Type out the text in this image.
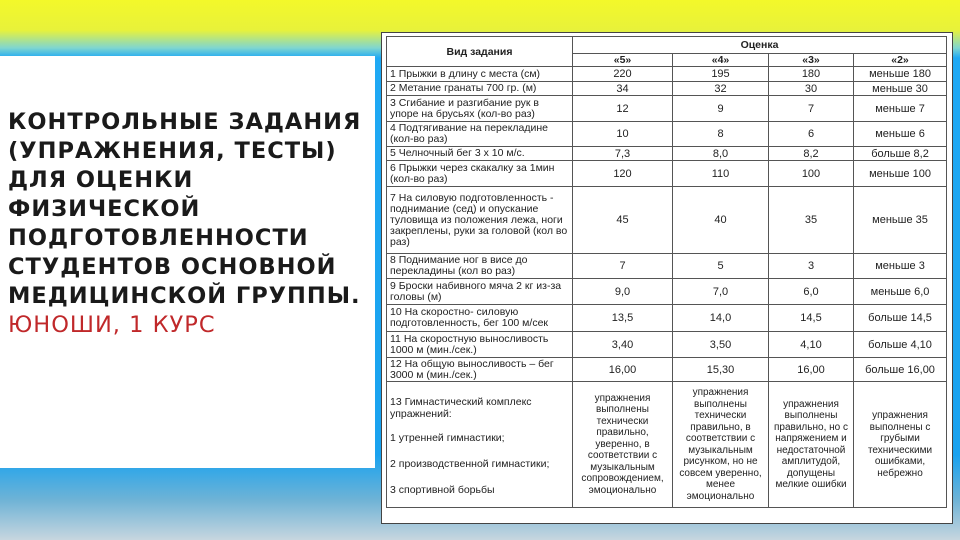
КОНТРОЛЬНЫЕ ЗАДАНИЯ (УПРАЖНЕНИЯ, ТЕСТЫ) ДЛЯ ОЦЕНКИ ФИЗИЧЕСКОЙ ПОДГОТОВЛЕННОСТИ СТУДЕНТОВ ОСНОВНОЙ МЕДИЦИНСКОЙ ГРУППЫ.
ЮНОШИ, 1 КУРС
Вид задания	Оценка			
	«5»	«4»	«3»	«2»
1 Прыжки в длину с места (см)	220	195	180	меньше 180
2 Метание гранаты 700 гр. (м)	34	32	30	меньше 30
3 Сгибание и разгибание рук в упоре на брусьях (кол-во раз)	12	9	7	меньше 7
4 Подтягивание на перекладине (кол-во раз)	10	8	6	меньше 6
5 Челночный бег 3 х 10 м/с.	7,3	8,0	8,2	больше 8,2
6 Прыжки через скакалку за 1мин (кол-во раз)	120	110	100	меньше 100
7 На силовую подготовленность - поднимание (сед) и опускание туловища из положения лежа, ноги закреплены, руки за головой (кол во раз)	45	40	35	меньше 35
8 Поднимание ног в висе до перекладины (кол во раз)	7	5	3	меньше 3
9 Броски набивного мяча 2 кг из-за головы (м)	9,0	7,0	6,0	меньше 6,0
10 На скоростно- силовую подготовленность, бег 100 м/сек	13,5	14,0	14,5	больше 14,5
11 На скоростную выносливость 1000 м (мин./сек.)	3,40	3,50	4,10	больше 4,10
12 На общую выносливость – бег 3000 м (мин./сек.)	16,00	15,30	16,00	больше 16,00

13 Гимнастический комплекс упражнений:
1 утренней гимнастики;
2 производственной гимнастики;
3 спортивной борьбы	упражнения выполнены технически правильно, уверенно, в соответствии с музыкальным сопровождением, эмоционально	упражнения выполнены технически правильно, в соответствии с музыкальным рисунком, но не совсем уверенно, менее эмоционально	упражнения выполнены правильно, но с напряжением и недостаточной амплитудой, допущены мелкие ошибки	упражнения выполнены с грубыми техническими ошибками, небрежно
